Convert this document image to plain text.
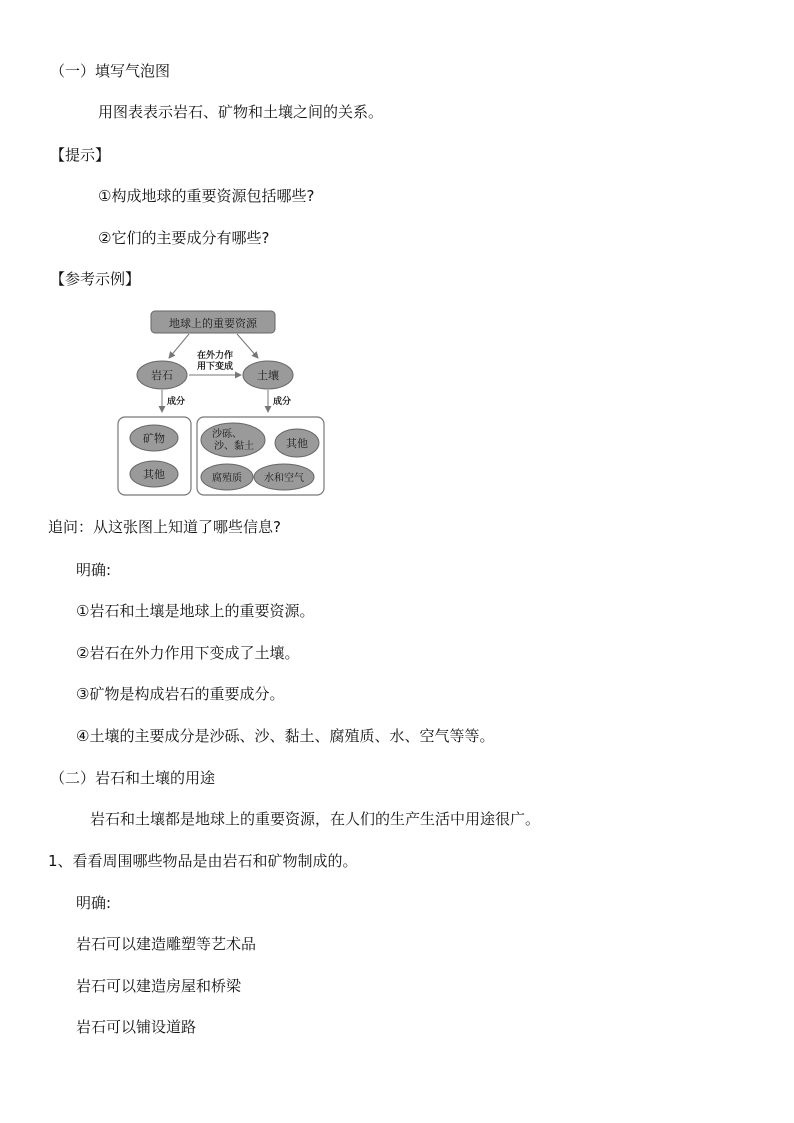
（一）填写气泡图
用图表表示岩石、矿物和土壤之间的关系。
【提示】
①构成地球的重要资源包括哪些?
②它们的主要成分有哪些?
【参考示例】
地球上的重要资源
岩石	土壤
在外力作
用下变成
成分	成分
矿物
其他
沙砾、
沙、黏土	其他
腐殖质 水和空气
追问：从这张图上知道了哪些信息?
明确:
①岩石和土壤是地球上的重要资源。
②岩石在外力作用下变成了土壤。
③矿物是构成岩石的重要成分。
④土壤的主要成分是沙砾、沙、黏土、腐殖质、水、空气等等。
（二）岩石和土壤的用途
岩石和土壤都是地球上的重要资源，在人们的生产生活中用途很广。
1、看看周围哪些物品是由岩石和矿物制成的。
明确:
岩石可以建造雕塑等艺术品
岩石可以建造房屋和桥梁
岩石可以铺设道路
